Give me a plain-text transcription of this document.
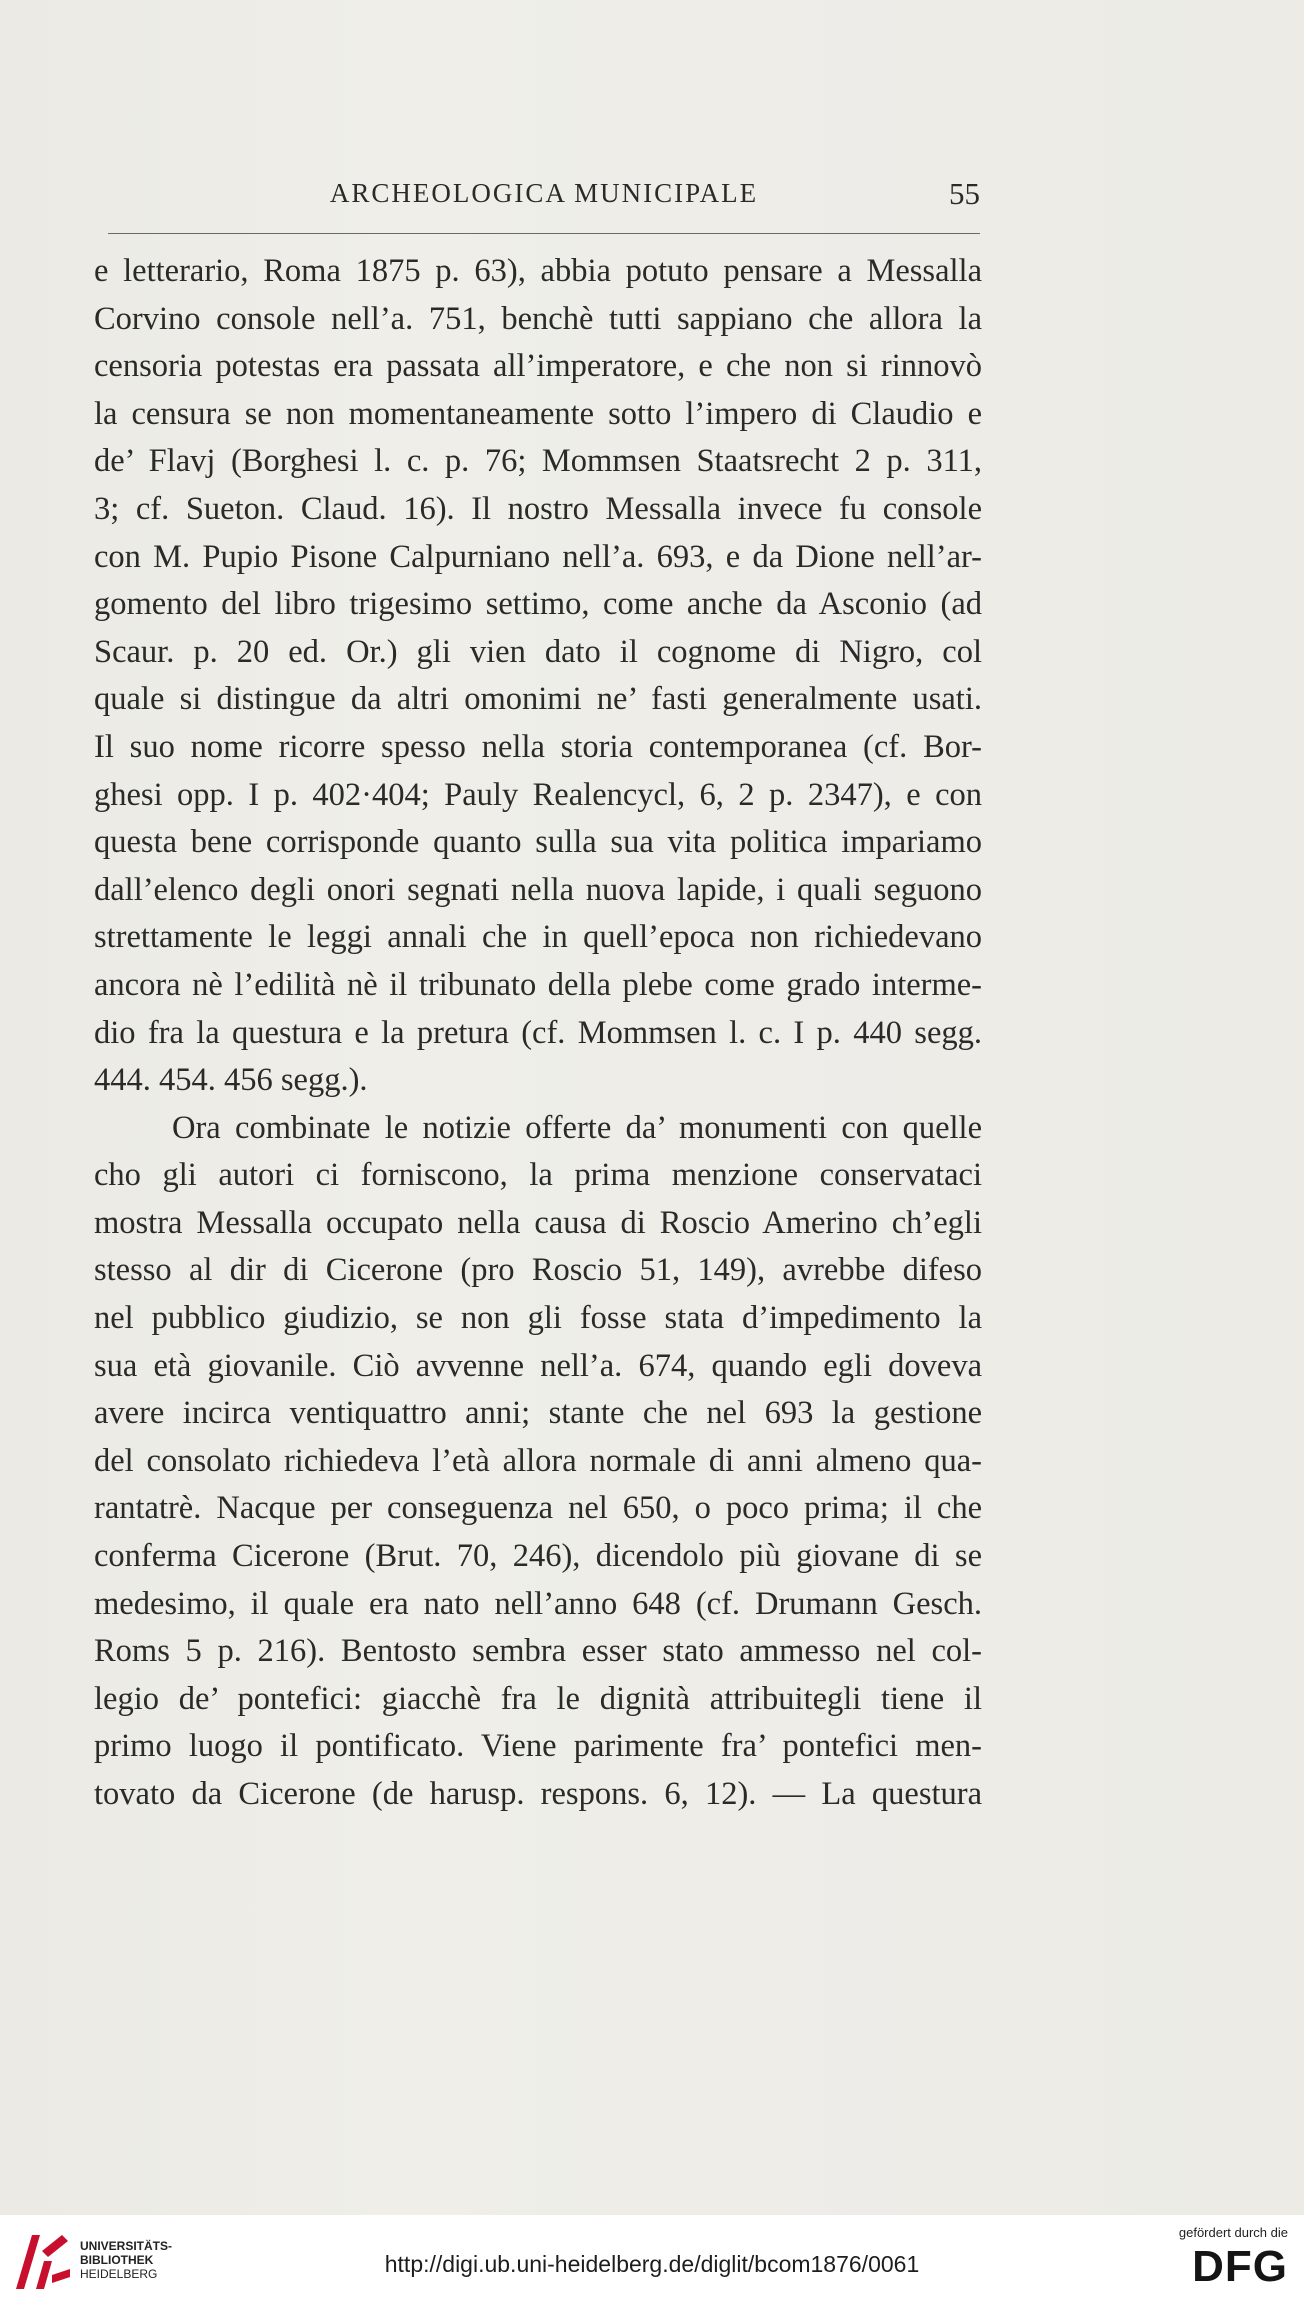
ARCHEOLOGICA MUNICIPALE	55
e letterario, Roma 1875 p. 63), abbia potuto pensare a Messalla
Corvino console nell’a. 751, benchè tutti sappiano che allora la
censoria potestas era passata all’imperatore, e che non si rinnovò
la censura se non momentaneamente sotto l’impero di Claudio e
de’ Flavj (Borghesi l. c. p. 76; Mommsen Staatsrecht 2 p. 311,
3; cf. Sueton. Claud. 16). Il nostro Messalla invece fu console
con M. Pupio Pisone Calpurniano nell’a. 693, e da Dione nell’ar-
gomento del libro trigesimo settimo, come anche da Asconio (ad
Scaur. p. 20 ed. Or.) gli vien dato il cognome di Nigro, col
quale si distingue da altri omonimi ne’ fasti generalmente usati.
Il suo nome ricorre spesso nella storia contemporanea (cf. Bor-
ghesi opp. I p. 402·404; Pauly Realencycl, 6, 2 p. 2347), e con
questa bene corrisponde quanto sulla sua vita politica impariamo
dall’elenco degli onori segnati nella nuova lapide, i quali seguono
strettamente le leggi annali che in quell’epoca non richiedevano
ancora nè l’edilità nè il tribunato della plebe come grado interme-
dio fra la questura e la pretura (cf. Mommsen l. c. I p. 440 segg.
444. 454. 456 segg.).
Ora combinate le notizie offerte da’ monumenti con quelle
cho gli autori ci forniscono, la prima menzione conservataci
mostra Messalla occupato nella causa di Roscio Amerino ch’egli
stesso al dir di Cicerone (pro Roscio 51, 149), avrebbe difeso
nel pubblico giudizio, se non gli fosse stata d’impedimento la
sua età giovanile. Ciò avvenne nell’a. 674, quando egli doveva
avere incirca ventiquattro anni; stante che nel 693 la gestione
del consolato richiedeva l’età allora normale di anni almeno qua-
rantatrè. Nacque per conseguenza nel 650, o poco prima; il che
conferma Cicerone (Brut. 70, 246), dicendolo più giovane di se
medesimo, il quale era nato nell’anno 648 (cf. Drumann Gesch.
Roms 5 p. 216). Bentosto sembra esser stato ammesso nel col-
legio de’ pontefici: giacchè fra le dignità attribuitegli tiene il
primo luogo il pontificato. Viene parimente fra’ pontefici men-
tovato da Cicerone (de harusp. respons. 6, 12). — La questura
UNIVERSITÄTS-
BIBLIOTHEK
HEIDELBERG	http://digi.ub.uni-heidelberg.de/diglit/bcom1876/0061
gefördert durch die
DFG
